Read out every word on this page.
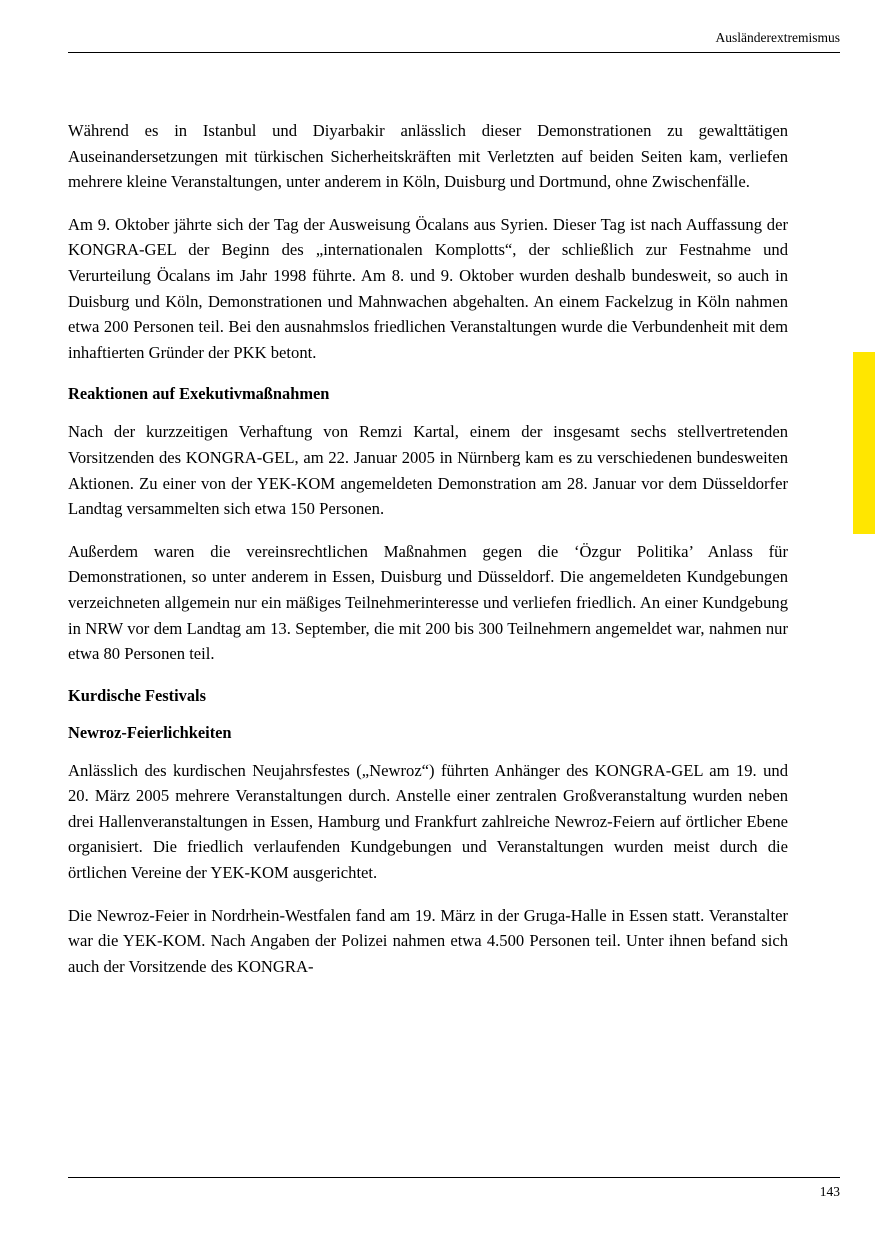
Ausländerextremismus

Während es in Istanbul und Diyarbakir anlässlich dieser Demonstrationen zu gewalttätigen Auseinandersetzungen mit türkischen Sicherheitskräften mit Verletzten auf beiden Seiten kam, verliefen mehrere kleine Veranstaltungen, unter anderem in Köln, Duisburg und Dortmund, ohne Zwischenfälle.

Am 9. Oktober jährte sich der Tag der Ausweisung Öcalans aus Syrien. Dieser Tag ist nach Auffassung der KONGRA-GEL der Beginn des „internationalen Komplotts“, der schließlich zur Festnahme und Verurteilung Öcalans im Jahr 1998 führte. Am 8. und 9. Oktober wurden deshalb bundesweit, so auch in Duisburg und Köln, Demonstrationen und Mahnwachen abgehalten. An einem Fackelzug in Köln nahmen etwa 200 Personen teil. Bei den ausnahmslos friedlichen Veranstaltungen wurde die Verbundenheit mit dem inhaftierten Gründer der PKK betont.

Reaktionen auf Exekutivmaßnahmen

Nach der kurzzeitigen Verhaftung von Remzi Kartal, einem der insgesamt sechs stellvertretenden Vorsitzenden des KONGRA-GEL, am 22. Januar 2005 in Nürnberg kam es zu verschiedenen bundesweiten Aktionen. Zu einer von der YEK-KOM angemeldeten Demonstration am 28. Januar vor dem Düsseldorfer Landtag versammelten sich etwa 150 Personen.

Außerdem waren die vereinsrechtlichen Maßnahmen gegen die ‘Özgur Politika’ Anlass für Demonstrationen, so unter anderem in Essen, Duisburg und Düsseldorf. Die angemeldeten Kundgebungen verzeichneten allgemein nur ein mäßiges Teilnehmerinteresse und verliefen friedlich. An einer Kundgebung in NRW vor dem Landtag am 13. September, die mit 200 bis 300 Teilnehmern angemeldet war, nahmen nur etwa 80 Personen teil.

Kurdische Festivals
Newroz-Feierlichkeiten

Anlässlich des kurdischen Neujahrsfestes („Newroz“) führten Anhänger des KONGRA-GEL am 19. und 20. März 2005 mehrere Veranstaltungen durch. Anstelle einer zentralen Großveranstaltung wurden neben drei Hallenveranstaltungen in Essen, Hamburg und Frankfurt zahlreiche Newroz-Feiern auf örtlicher Ebene organisiert. Die friedlich verlaufenden Kundgebungen und Veranstaltungen wurden meist durch die örtlichen Vereine der YEK-KOM ausgerichtet.

Die Newroz-Feier in Nordrhein-Westfalen fand am 19. März in der Gruga-Halle in Essen statt. Veranstalter war die YEK-KOM. Nach Angaben der Polizei nahmen etwa 4.500 Personen teil. Unter ihnen befand sich auch der Vorsitzende des KONGRA-

143
